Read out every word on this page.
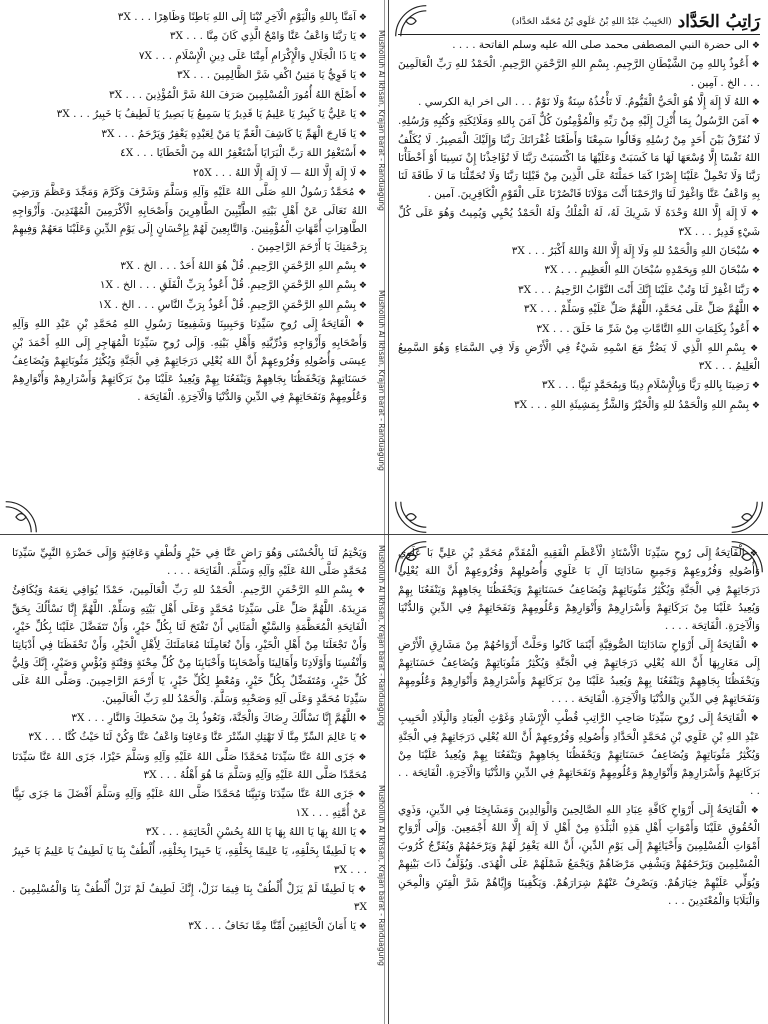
Musholluh Al Ikhsan, Krajan barat - Randuagung
Musholluh Al Ikhsan, Krajan barat - Randuagung
Musholluh Al Ikhsan, Krajan barat - Randuagung
Musholluh Al Ikhsan, Krajan barat - Randuagung
رَاتِبُ الحَدَّاد
(الحَبِيبُ عَبْدُ اللهِ بْنُ عَلَوِي بْنُ مُحَمَّد الحَدَّاد)

❖ الى حضرة النبي المصطفى محمد صلى الله عليه وسلم الفاتحة . . . .

❖ أَعُوذُ بِاللهِ مِنَ الشَّيْطَانِ الرَّجِيمِ. بِسْمِ اللهِ الرَّحْمَنِ الرَّحِيمِ. الْحَمْدُ للهِ رَبِّ الْعَالَمِينَ . . . الخ . آمِين .

❖ اللهُ لَا إِلَهَ إِلَّا هُوَ الْحَيُّ الْقَيُّومُ. لَا تَأْخُذُهُ سِنَةٌ وَلَا نَوْمٌ . . . الى اخر اية الكرسي .

❖ آمَنَ الرَّسُولُ بِمَا أُنْزِلَ إِلَيْهِ مِنْ رَبِّهِ وَالْمُؤْمِنُونَ كُلٌّ آمَنَ بِاللهِ وَمَلَائِكَتِهِ وَكُتُبِهِ وَرُسُلِهِ. لَا نُفَرِّقُ بَيْنَ أَحَدٍ مِنْ رُسُلِهِ وَقَالُوا سَمِعْنَا وَأَطَعْنَا غُفْرَانَكَ رَبَّنَا وَإِلَيْكَ الْمَصِيرُ. لَا يُكَلِّفُ اللهُ نَفْسًا إِلَّا وُسْعَهَا لَهَا مَا كَسَبَتْ وَعَلَيْهَا مَا اكْتَسَبَتْ رَبَّنَا لَا تُؤَاخِذْنَا إِنْ نَسِينَا أَوْ أَخْطَأْنَا رَبَّنَا وَلَا تَحْمِلْ عَلَيْنَا إِصْرًا كَمَا حَمَلْتَهُ عَلَى الَّذِينَ مِنْ قَبْلِنَا رَبَّنَا وَلَا تُحَمِّلْنَا مَا لَا طَاقَةَ لَنَا بِهِ وَاعْفُ عَنَّا وَاغْفِرْ لَنَا وَارْحَمْنَا أَنْتَ مَوْلَانَا فَانْصُرْنَا عَلَى الْقَوْمِ الْكَافِرِينَ. آمين .

❖ لَا إِلَهَ إِلَّا اللهُ وَحْدَهُ لَا شَرِيكَ لَهُ، لَهُ الْمُلْكُ وَلَهُ الْحَمْدُ يُحْيِي وَيُمِيتُ وَهُوَ عَلَى كُلِّ شَيْءٍ قَدِيرٌ . . . ٣X

❖ سُبْحَانَ اللهِ وَالْحَمْدُ للهِ وَلَا إِلَهَ إِلَّا اللهُ وَاللهُ أَكْبَرُ . . . ٣X

❖ سُبْحَانَ اللهِ وَبِحَمْدِهِ سُبْحَانَ اللهِ الْعَظِيمِ . . . ٣X

❖ رَبَّنَا اغْفِرْ لَنَا وَتُبْ عَلَيْنَا إِنَّكَ أَنْتَ التَّوَّابُ الرَّحِيمُ . . . ٣X

❖ اللَّهُمَّ صَلِّ عَلَى مُحَمَّدٍ، اللَّهُمَّ صَلِّ عَلَيْهِ وَسَلِّمْ . . . ٣X

❖ أَعُوذُ بِكَلِمَاتِ اللهِ التَّامَّاتِ مِنْ شَرِّ مَا خَلَقَ . . . ٣X

❖ بِسْمِ اللهِ الَّذِي لَا يَضُرُّ مَعَ اسْمِهِ شَيْءٌ فِي الْأَرْضِ وَلَا فِي السَّمَاءِ وَهُوَ السَّمِيعُ الْعَلِيمُ . . . ٣X

❖ رَضِينَا بِاللهِ رَبًّا وَبِالْإِسْلَامِ دِينًا وَبِمُحَمَّدٍ نَبِيًّا . . . ٣X

❖ بِسْمِ اللهِ وَالْحَمْدُ للهِ وَالْخَيْرُ وَالشَّرُّ بِمَشِيئَةِ اللهِ . . . ٣X

❖ آمَنَّا بِاللهِ وَالْيَوْمِ الْآخِرِ تُبْنَا إِلَى اللهِ بَاطِنًا وَظَاهِرًا . . . ٣X

❖ يَا رَبَّنَا وَاعْفُ عَنَّا وَامْحُ الَّذِي كَانَ مِنَّا . . . ٣X

❖ يَا ذَا الْجَلَالِ وَالْإِكْرَامِ أَمِتْنَا عَلَى دِينِ الْإِسْلَامِ . . . ٧X

❖ يَا قَوِيُّ يَا مَتِينُ اكْفِ شَرَّ الظَّالِمِينَ . . . ٣X

❖ أَصْلَحَ اللهُ أُمُورَ الْمُسْلِمِينَ صَرَفَ اللهُ شَرَّ الْمُؤْذِينَ . . . ٣X

❖ يَا عَلِيُّ يَا كَبِيرُ يَا عَلِيمُ يَا قَدِيرُ يَا سَمِيعُ يَا بَصِيرُ يَا لَطِيفُ يَا خَبِيرُ . . . ٣X

❖ يَا فَارِجَ الْهَمِّ يَا كَاشِفَ الْغَمِّ يَا مَنْ لِعَبْدِهِ يَغْفِرُ وَيَرْحَمُ . . . ٣X

❖ أَسْتَغْفِرُ اللهَ رَبَّ الْبَرَايَا أَسْتَغْفِرُ اللهَ مِنَ الْخَطَايَا . . . ٤X

❖ لَا إِلَهَ إِلَّا اللهُ — لَا إِلَهَ إِلَّا اللهُ . . . ٢٥X

❖ مُحَمَّدٌ رَسُولُ اللهِ صَلَّى اللهُ عَلَيْهِ وَآلِهِ وَسَلَّمَ وَشَرَّفَ وَكَرَّمَ وَمَجَّدَ وَعَظَّمَ وَرَضِيَ اللهُ تَعَالَى عَنْ أَهْلِ بَيْتِهِ الطَّيِّبِينَ الطَّاهِرِينَ وَأَصْحَابِهِ الْأَكْرَمِينَ الْمُهْتَدِينَ. وَأَزْوَاجِهِ الطَّاهِرَاتِ أُمَّهَاتِ الْمُؤْمِنِينَ. وَالتَّابِعِينَ لَهُمْ بِإِحْسَانٍ إِلَى يَوْمِ الدِّينِ وَعَلَيْنَا مَعَهُمْ وَفِيهِمْ بِرَحْمَتِكَ يَا أَرْحَمَ الرَّاحِمِينَ .

❖ بِسْمِ اللهِ الرَّحْمَنِ الرَّحِيمِ. قُلْ هُوَ اللهُ أَحَدٌ . . . الخ . ٣X

❖ بِسْمِ اللهِ الرَّحْمَنِ الرَّحِيمِ. قُلْ أَعُوذُ بِرَبِّ الْفَلَقِ . . . الخ . ١X

❖ بِسْمِ اللهِ الرَّحْمَنِ الرَّحِيمِ. قُلْ أَعُوذُ بِرَبِّ النَّاسِ . . . الخ . ١X

❖ الْفَاتِحَةُ إِلَى رُوحِ سَيِّدِنَا وَحَبِيبِنَا وَشَفِيعِنَا رَسُولِ اللهِ مُحَمَّدِ بْنِ عَبْدِ اللهِ وَآلِهِ وَأَصْحَابِهِ وَأَزْوَاجِهِ وَذُرِّيَّتِهِ وَأَهْلِ بَيْتِهِ. وَإِلَى رُوحِ سَيِّدِنَا الْمُهَاجِرِ إِلَى اللهِ أَحْمَدَ بْنِ عِيسَى وَأُصُولِهِ وَفُرُوعِهِمْ أَنَّ اللهَ يُعْلِي دَرَجَاتِهِمْ فِي الْجَنَّةِ وَيُكْثِرُ مَثُوبَاتِهِمْ وَيُضَاعِفُ حَسَنَاتِهِمْ وَيَحْفَظُنَا بِجَاهِهِمْ وَيَنْفَعُنَا بِهِمْ وَيُعِيدُ عَلَيْنَا مِنْ بَرَكَاتِهِمْ وَأَسْرَارِهِمْ وَأَنْوَارِهِمْ وَعُلُومِهِمْ وَنَفَحَاتِهِمْ فِي الدِّينِ وَالدُّنْيَا وَالْآخِرَةِ. الْفَاتِحَة .

❖ الْفَاتِحَةُ إِلَى رُوحِ سَيِّدِنَا الْأُسْتَاذِ الْأَعْظَمِ الْفَقِيهِ الْمُقَدَّمِ مُحَمَّدِ بْنِ عَلِيٍّ بَا عَلَوِي وَأُصُولِهِ وَفُرُوعِهِمْ وَجَمِيعِ سَادَاتِنَا آلِ بَا عَلَوِي وَأُصُولِهِمْ وَفُرُوعِهِمْ أَنَّ اللهَ يُعْلِي دَرَجَاتِهِمْ فِي الْجَنَّةِ وَيُكْثِرُ مَثُوبَاتِهِمْ وَيُضَاعِفُ حَسَنَاتِهِمْ وَيَحْفَظُنَا بِجَاهِهِمْ وَيَنْفَعُنَا بِهِمْ وَيُعِيدُ عَلَيْنَا مِنْ بَرَكَاتِهِمْ وَأَسْرَارِهِمْ وَأَنْوَارِهِمْ وَعُلُومِهِمْ وَنَفَحَاتِهِمْ فِي الدِّينِ وَالدُّنْيَا وَالْآخِرَةِ. الْفَاتِحَة . . . .

❖ الْفَاتِحَةُ إِلَى أَرْوَاحِ سَادَاتِنَا الصُّوفِيَّةِ أَيْنَمَا كَانُوا وَحَلَّتْ أَرْوَاحُهُمْ مِنْ مَشَارِقِ الْأَرْضِ إِلَى مَغَارِبِهَا أَنَّ اللهَ يُعْلِي دَرَجَاتِهِمْ فِي الْجَنَّةِ وَيُكْثِرُ مَثُوبَاتِهِمْ وَيُضَاعِفُ حَسَنَاتِهِمْ وَيَحْفَظُنَا بِجَاهِهِمْ وَيَنْفَعُنَا بِهِمْ وَيُعِيدُ عَلَيْنَا مِنْ بَرَكَاتِهِمْ وَأَسْرَارِهِمْ وَأَنْوَارِهِمْ وَعُلُومِهِمْ وَنَفَحَاتِهِمْ فِي الدِّينِ وَالدُّنْيَا وَالْآخِرَةِ. الْفَاتِحَة . . . .

❖ الْفَاتِحَةُ إِلَى رُوحِ سَيِّدِنَا صَاحِبِ الرَّاتِبِ قُطْبِ الْإِرْشَادِ وَغَوْثِ الْعِبَادِ وَالْبِلَادِ الْحَبِيبِ عَبْدِ اللهِ بْنِ عَلَوِي بْنِ مُحَمَّدٍ الْحَدَّادِ وَأُصُولِهِ وَفُرُوعِهِمْ أَنَّ اللهَ يُعْلِي دَرَجَاتِهِمْ فِي الْجَنَّةِ وَيُكْثِرُ مَثُوبَاتِهِمْ وَيُضَاعِفُ حَسَنَاتِهِمْ وَيَحْفَظُنَا بِجَاهِهِمْ وَيَنْفَعُنَا بِهِمْ وَيُعِيدُ عَلَيْنَا مِنْ بَرَكَاتِهِمْ وَأَسْرَارِهِمْ وَأَنْوَارِهِمْ وَعُلُومِهِمْ وَنَفَحَاتِهِمْ فِي الدِّينِ وَالدُّنْيَا وَالْآخِرَةِ. الْفَاتِحَة . . . .

❖ الْفَاتِحَةُ إِلَى أَرْوَاحِ كَافَّةِ عِبَادِ اللهِ الصَّالِحِينَ وَالْوَالِدِينَ وَمَشَايِخِنَا فِي الدِّينِ، وَذَوِي الْحُقُوقِ عَلَيْنَا وَأَمْوَاتِ أَهْلِ هَذِهِ الْبَلْدَةِ مِنْ أَهْلِ لَا إِلَهَ إِلَّا اللهُ أَجْمَعِينَ. وَإِلَى أَرْوَاحِ أَمْوَاتِ الْمُسْلِمِينَ وَأَحْيَائِهِمْ إِلَى يَوْمِ الدِّينِ، أَنَّ اللهَ يَغْفِرُ لَهُمْ وَيَرْحَمُهُمْ وَيُفَرِّجُ كُرُوبَ الْمُسْلِمِينَ وَيَرْحَمُهُمْ وَيَشْفِي مَرْضَاهُمْ وَيَجْمَعُ شَمْلَهُمْ عَلَى الْهُدَى. وَيُؤَلِّفُ ذَاتَ بَيْنِهِمْ وَيُوَلِّي عَلَيْهِمْ خِيَارَهُمْ. وَيَصْرِفُ عَنْهُمْ شِرَارَهُمْ. وَيَكْفِينَا وَإِيَّاهُمْ شَرَّ الْفِتَنِ وَالْمِحَنِ وَالْبَلَايَا وَالْمُعْتَدِينَ . . .

وَيَخْتِمُ لَنَا بِالْحُسْنَى وَهُوَ رَاضٍ عَنَّا فِي خَيْرٍ وَلُطْفٍ وَعَافِيَةٍ وَإِلَى حَضْرَةِ النَّبِيِّ سَيِّدِنَا مُحَمَّدٍ صَلَّى اللهُ عَلَيْهِ وَآلِهِ وَسَلَّمَ. الْفَاتِحَة . . . .

❖ بِسْمِ اللهِ الرَّحْمَنِ الرَّحِيمِ. الْحَمْدُ للهِ رَبِّ الْعَالَمِينَ، حَمْدًا يُوَافِي نِعَمَهُ وَيُكَافِئُ مَزِيدَهُ. اللَّهُمَّ صَلِّ عَلَى سَيِّدِنَا مُحَمَّدٍ وَعَلَى أَهْلِ بَيْتِهِ وَسَلِّمْ. اللَّهُمَّ إِنَّا نَسْأَلُكَ بِحَقِّ الْفَاتِحَةِ الْمُعَظَّمَةِ وَالسَّبْعِ الْمَثَانِي أَنْ تَفْتَحَ لَنَا بِكُلِّ خَيْرٍ، وَأَنْ تَتَفَضَّلَ عَلَيْنَا بِكُلِّ خَيْرٍ، وَأَنْ تَجْعَلَنَا مِنْ أَهْلِ الْخَيْرِ، وَأَنْ تُعَامِلَنَا مُعَامَلَتَكَ لِأَهْلِ الْخَيْرِ، وَأَنْ تَحْفَظَنَا فِي أَدْيَانِنَا وَأَنْفُسِنَا وَأَوْلَادِنَا وَأَهَالِينَا وَأَصْحَابِنَا وَأَحْبَابِنَا مِنْ كُلِّ مِحْنَةٍ وَفِتْنَةٍ وَبُؤْسٍ وَضَيْرٍ، إِنَّكَ وَلِيُّ كُلِّ خَيْرٍ، وَمُتَفَضِّلٌ بِكُلِّ خَيْرٍ، وَمُعْطٍ لِكُلِّ خَيْرٍ، يَا أَرْحَمَ الرَّاحِمِينَ. وَصَلَّى اللهُ عَلَى سَيِّدِنَا مُحَمَّدٍ وَعَلَى آلِهِ وَصَحْبِهِ وَسَلَّمَ. وَالْحَمْدُ للهِ رَبِّ الْعَالَمِينَ.

❖ اللَّهُمَّ إِنَّا نَسْأَلُكَ رِضَاكَ وَالْجَنَّةَ، وَنَعُوذُ بِكَ مِنْ سَخَطِكَ وَالنَّارِ . . . ٣X

❖ يَا عَالِمَ السِّرِّ مِنَّا لَا تَهْتِكِ السِّتْرَ عَنَّا وَعَافِنَا وَاعْفُ عَنَّا وَكُنْ لَنَا حَيْثُ كُنَّا . . . ٣X

❖ جَزَى اللهُ عَنَّا سَيِّدَنَا مُحَمَّدًا صَلَّى اللهُ عَلَيْهِ وَآلِهِ وَسَلَّمَ خَيْرًا، جَزَى اللهُ عَنَّا سَيِّدَنَا مُحَمَّدًا صَلَّى اللهُ عَلَيْهِ وَآلِهِ وَسَلَّمَ مَا هُوَ أَهْلُهُ . . . ٣X

❖ جَزَى اللهُ عَنَّا سَيِّدَنَا وَنَبِيَّنَا مُحَمَّدًا صَلَّى اللهُ عَلَيْهِ وَآلِهِ وَسَلَّمَ أَفْضَلَ مَا جَزَى نَبِيًّا عَنْ أُمَّتِهِ . . . ١X

❖ يَا اللهُ بِهَا يَا اللهُ بِهَا يَا اللهُ بِحُسْنِ الْخَاتِمَةِ . . . ٣X

❖ يَا لَطِيفًا بِخَلْقِهِ، يَا عَلِيمًا بِخَلْقِهِ، يَا خَبِيرًا بِخَلْقِهِ، أُلْطُفْ بِنَا يَا لَطِيفُ يَا عَلِيمُ يَا خَبِيرُ . . . ٣X

❖ يَا لَطِيفًا لَمْ يَزَلْ أُلْطُفْ بِنَا فِيمَا نَزَلْ، إِنَّكَ لَطِيفٌ لَمْ تَزَلْ أُلْطُفْ بِنَا وَالْمُسْلِمِينَ . ٣X

❖ يَا أَمَانَ الْخَائِفِينَ أَمِّنَّا مِمَّا نَخَافُ . . . ٣X
